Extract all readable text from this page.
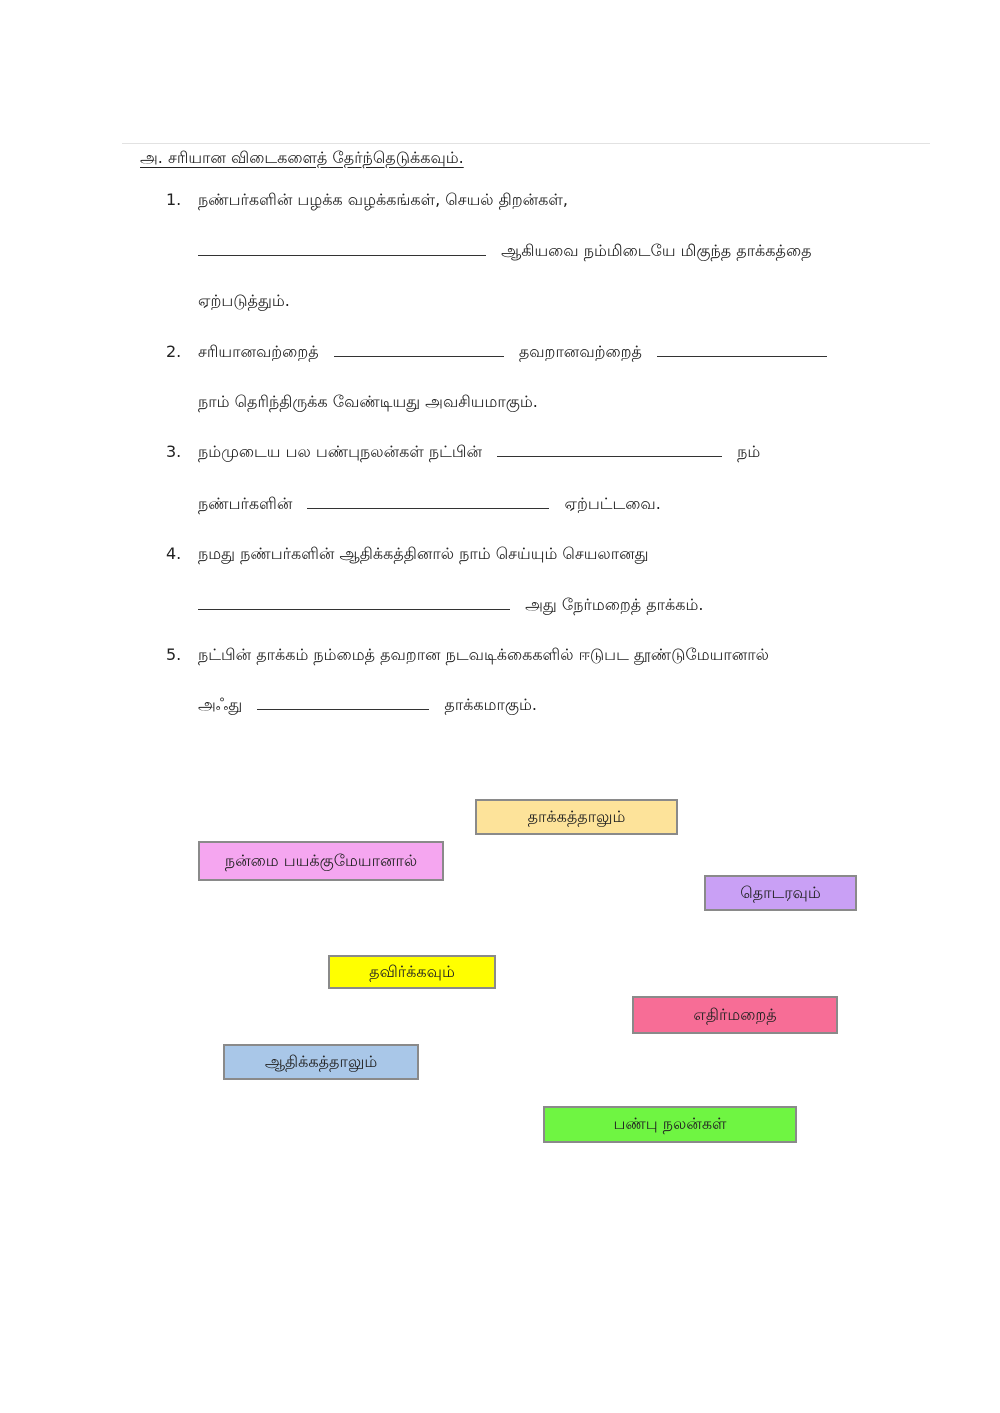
அ. சரியான விடைகளைத் தேர்ந்தெடுக்கவும்.
1. நண்பர்களின் பழக்க வழக்கங்கள், செயல் திறன்கள்,
ஆகியவை நம்மிடையே மிகுந்த தாக்கத்தை
ஏற்படுத்தும்.
2. சரியானவற்றைத்	தவறானவற்றைத்
நாம் தெரிந்திருக்க வேண்டியது அவசியமாகும்.
3. நம்முடைய பல பண்புநலன்கள் நட்பின்	நம்
நண்பர்களின்	ஏற்பட்டவை.
4. நமது நண்பர்களின் ஆதிக்கத்தினால் நாம் செய்யும் செயலானது
அது நேர்மறைத் தாக்கம்.
5. நட்பின் தாக்கம் நம்மைத் தவறான நடவடிக்கைகளில் ஈடுபட தூண்டுமேயானால்
அஃது	தாக்கமாகும்.
தாக்கத்தாலும்
நன்மை பயக்குமேயானால்
தொடரவும்
தவிர்க்கவும்
எதிர்மறைத்
ஆதிக்கத்தாலும்
பண்பு நலன்கள்
